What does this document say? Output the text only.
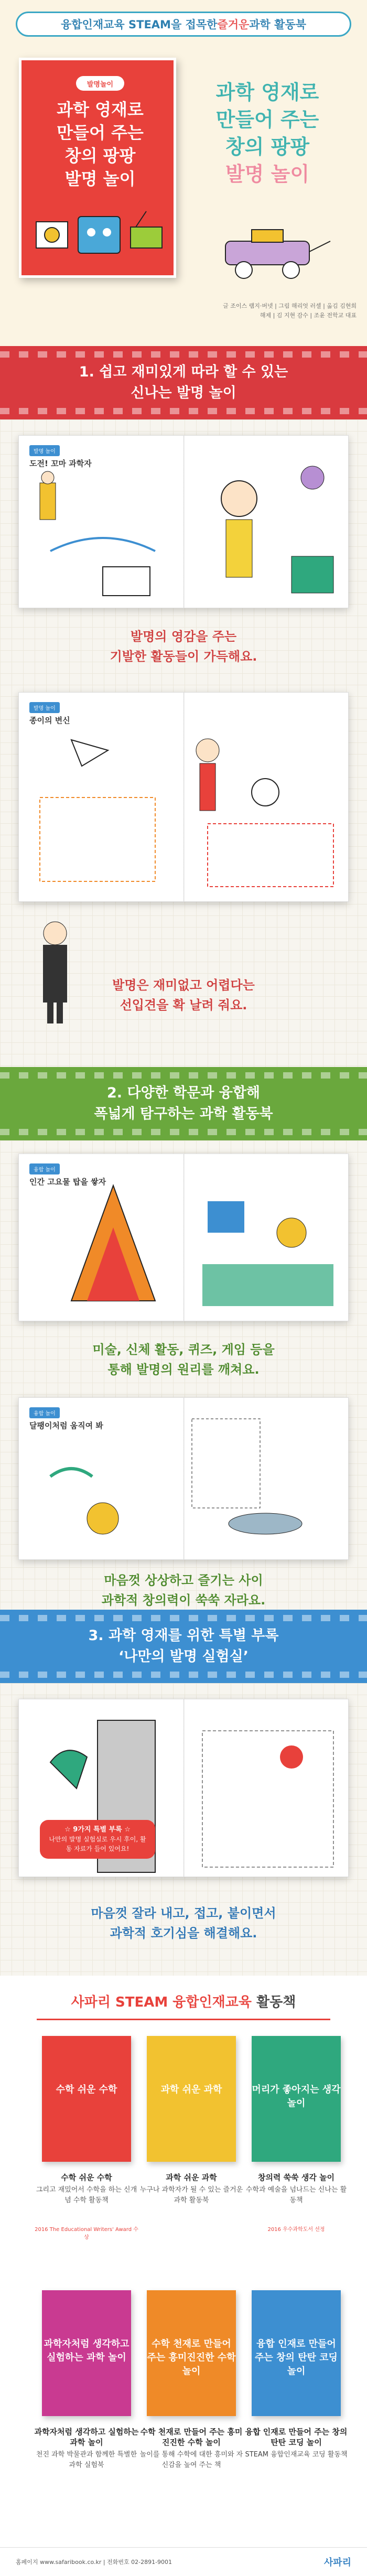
융합인재교육 STEAM을 접목한 즐거운 과학 활동북
발명놀이
과학 영재로
만들어 주는
창의 팡팡
발명 놀이
과학 영재로
만들어 주는
창의 팡팡
발명 놀이
글 조이스 램지·버넷 | 그림 해리엇 러셀 | 옮김 김현희
해제 | 김 지현 감수 | 조윤 전학교 대표
1. 쉽고 재미있게 따라 할 수 있는
신나는 발명 놀이
발명 놀이
도전! 꼬마 과학자
발명의 영감을 주는
기발한 활동들이 가득해요.
발명 놀이
종이의 변신
발명은 재미없고 어렵다는
선입견을 확 날려 줘요.
2. 다양한 학문과 융합해
폭넓게 탐구하는 과학 활동북
융합 놀이
인간 고요물 탑을 쌓자
미술, 신체 활동, 퀴즈, 게임 등을
통해 발명의 원리를 깨쳐요.
융합 놀이
달팽이처럼 움직여 봐
마음껏 상상하고 즐기는 사이
과학적 창의력이 쑥쑥 자라요.
3. 과학 영재를 위한 특별 부록
‘나만의 발명 실험실’
☆ 9가지 특별 부록 ☆
나만의 발명 실험실로 우시 후이, 활동 자료가 들어 있어요!
마음껏 잘라 내고, 접고, 붙이면서
과학적 호기심을 해결해요.
사파리 STEAM 융합인재교육 활동책
수학 쉬운 수학
수학 쉬운 수학
그리고 재밌어서 수학을 하는 신개념 수학 활동책
2016 The Educational Writers' Award 수상
과학 쉬운 과학
과학 쉬운 과학
누구나 과학자가 될 수 있는 즐거운 과학 활동북
머리가 좋아지는 생각 놀이
창의력 쑥쑥 생각 놀이
수학과 예술을 넘나드는 신나는 활동책
2016 우수과학도서 선정
과학자처럼 생각하고 실험하는 과학 놀이
과학자처럼 생각하고 실험하는 과학 놀이
천진 과학 박물관과 함께한 특별한 과학 실험북
수학 천재로 만들어 주는 흥미진진한 수학 놀이
수학 천재로 만들어 주는 흥미진진한 수학 놀이
놀이를 통해 수학에 대한 흥미와 자신감을 높여 주는 책
융합 인재로 만들어 주는 창의 탄탄 코딩 놀이
융합 인재로 만들어 주는 창의 탄탄 코딩 놀이
STEAM 융합인재교육 코딩 활동책
홈페이지 www.safaribook.co.kr | 전화번호 02-2891-9001	사파리
